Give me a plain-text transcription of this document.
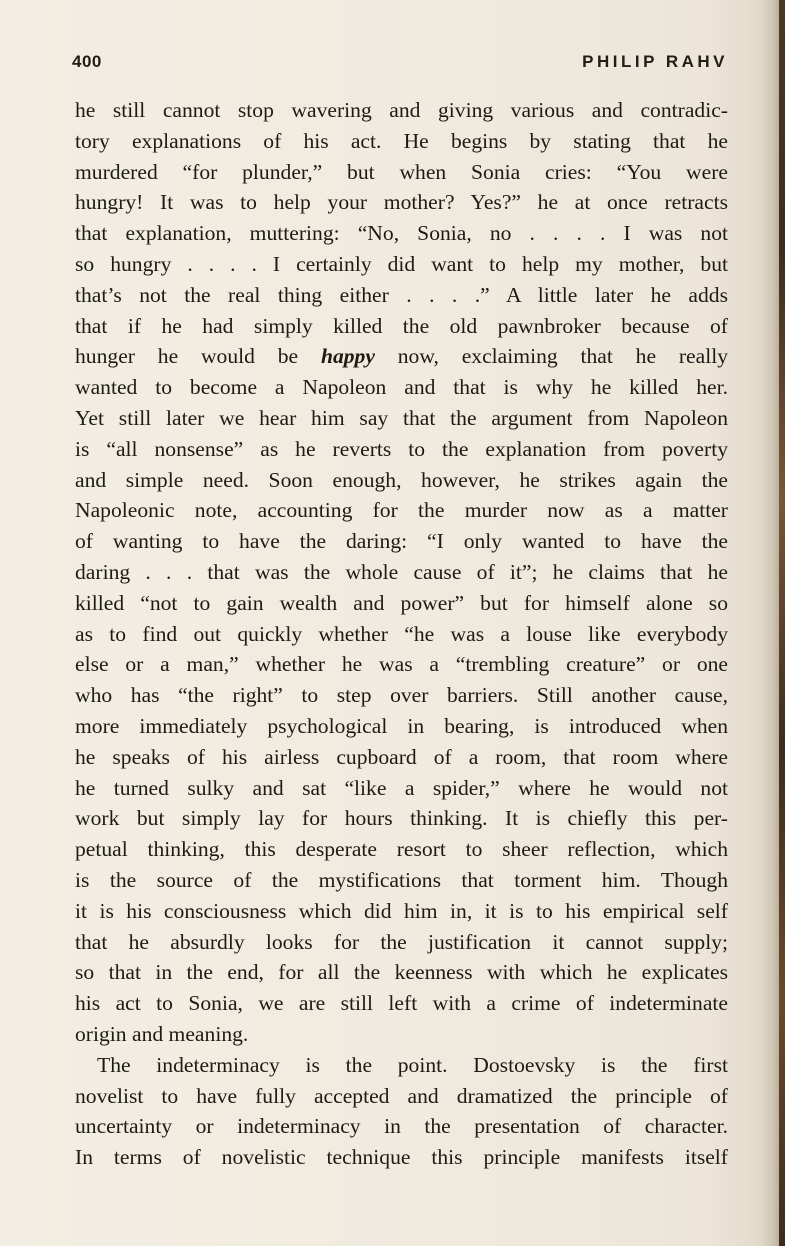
400	PHILIP RAHV
he still cannot stop wavering and giving various and contradic-
tory explanations of his act. He begins by stating that he
murdered “for plunder,” but when Sonia cries: “You were
hungry! It was to help your mother? Yes?” he at once retracts
that explanation, muttering: “No, Sonia, no . . . . I was not
so hungry . . . . I certainly did want to help my mother, but
that’s not the real thing either . . . .” A little later he adds
that if he had simply killed the old pawnbroker because of
hunger he would be happy now, exclaiming that he really
wanted to become a Napoleon and that is why he killed her.
Yet still later we hear him say that the argument from Napoleon
is “all nonsense” as he reverts to the explanation from poverty
and simple need. Soon enough, however, he strikes again the
Napoleonic note, accounting for the murder now as a matter
of wanting to have the daring: “I only wanted to have the
daring . . . that was the whole cause of it”; he claims that he
killed “not to gain wealth and power” but for himself alone so
as to find out quickly whether “he was a louse like everybody
else or a man,” whether he was a “trembling creature” or one
who has “the right” to step over barriers. Still another cause,
more immediately psychological in bearing, is introduced when
he speaks of his airless cupboard of a room, that room where
he turned sulky and sat “like a spider,” where he would not
work but simply lay for hours thinking. It is chiefly this per-
petual thinking, this desperate resort to sheer reflection, which
is the source of the mystifications that torment him. Though
it is his consciousness which did him in, it is to his empirical self
that he absurdly looks for the justification it cannot supply;
so that in the end, for all the keenness with which he explicates
his act to Sonia, we are still left with a crime of indeterminate
origin and meaning.
The indeterminacy is the point. Dostoevsky is the first
novelist to have fully accepted and dramatized the principle of
uncertainty or indeterminacy in the presentation of character.
In terms of novelistic technique this principle manifests itself
